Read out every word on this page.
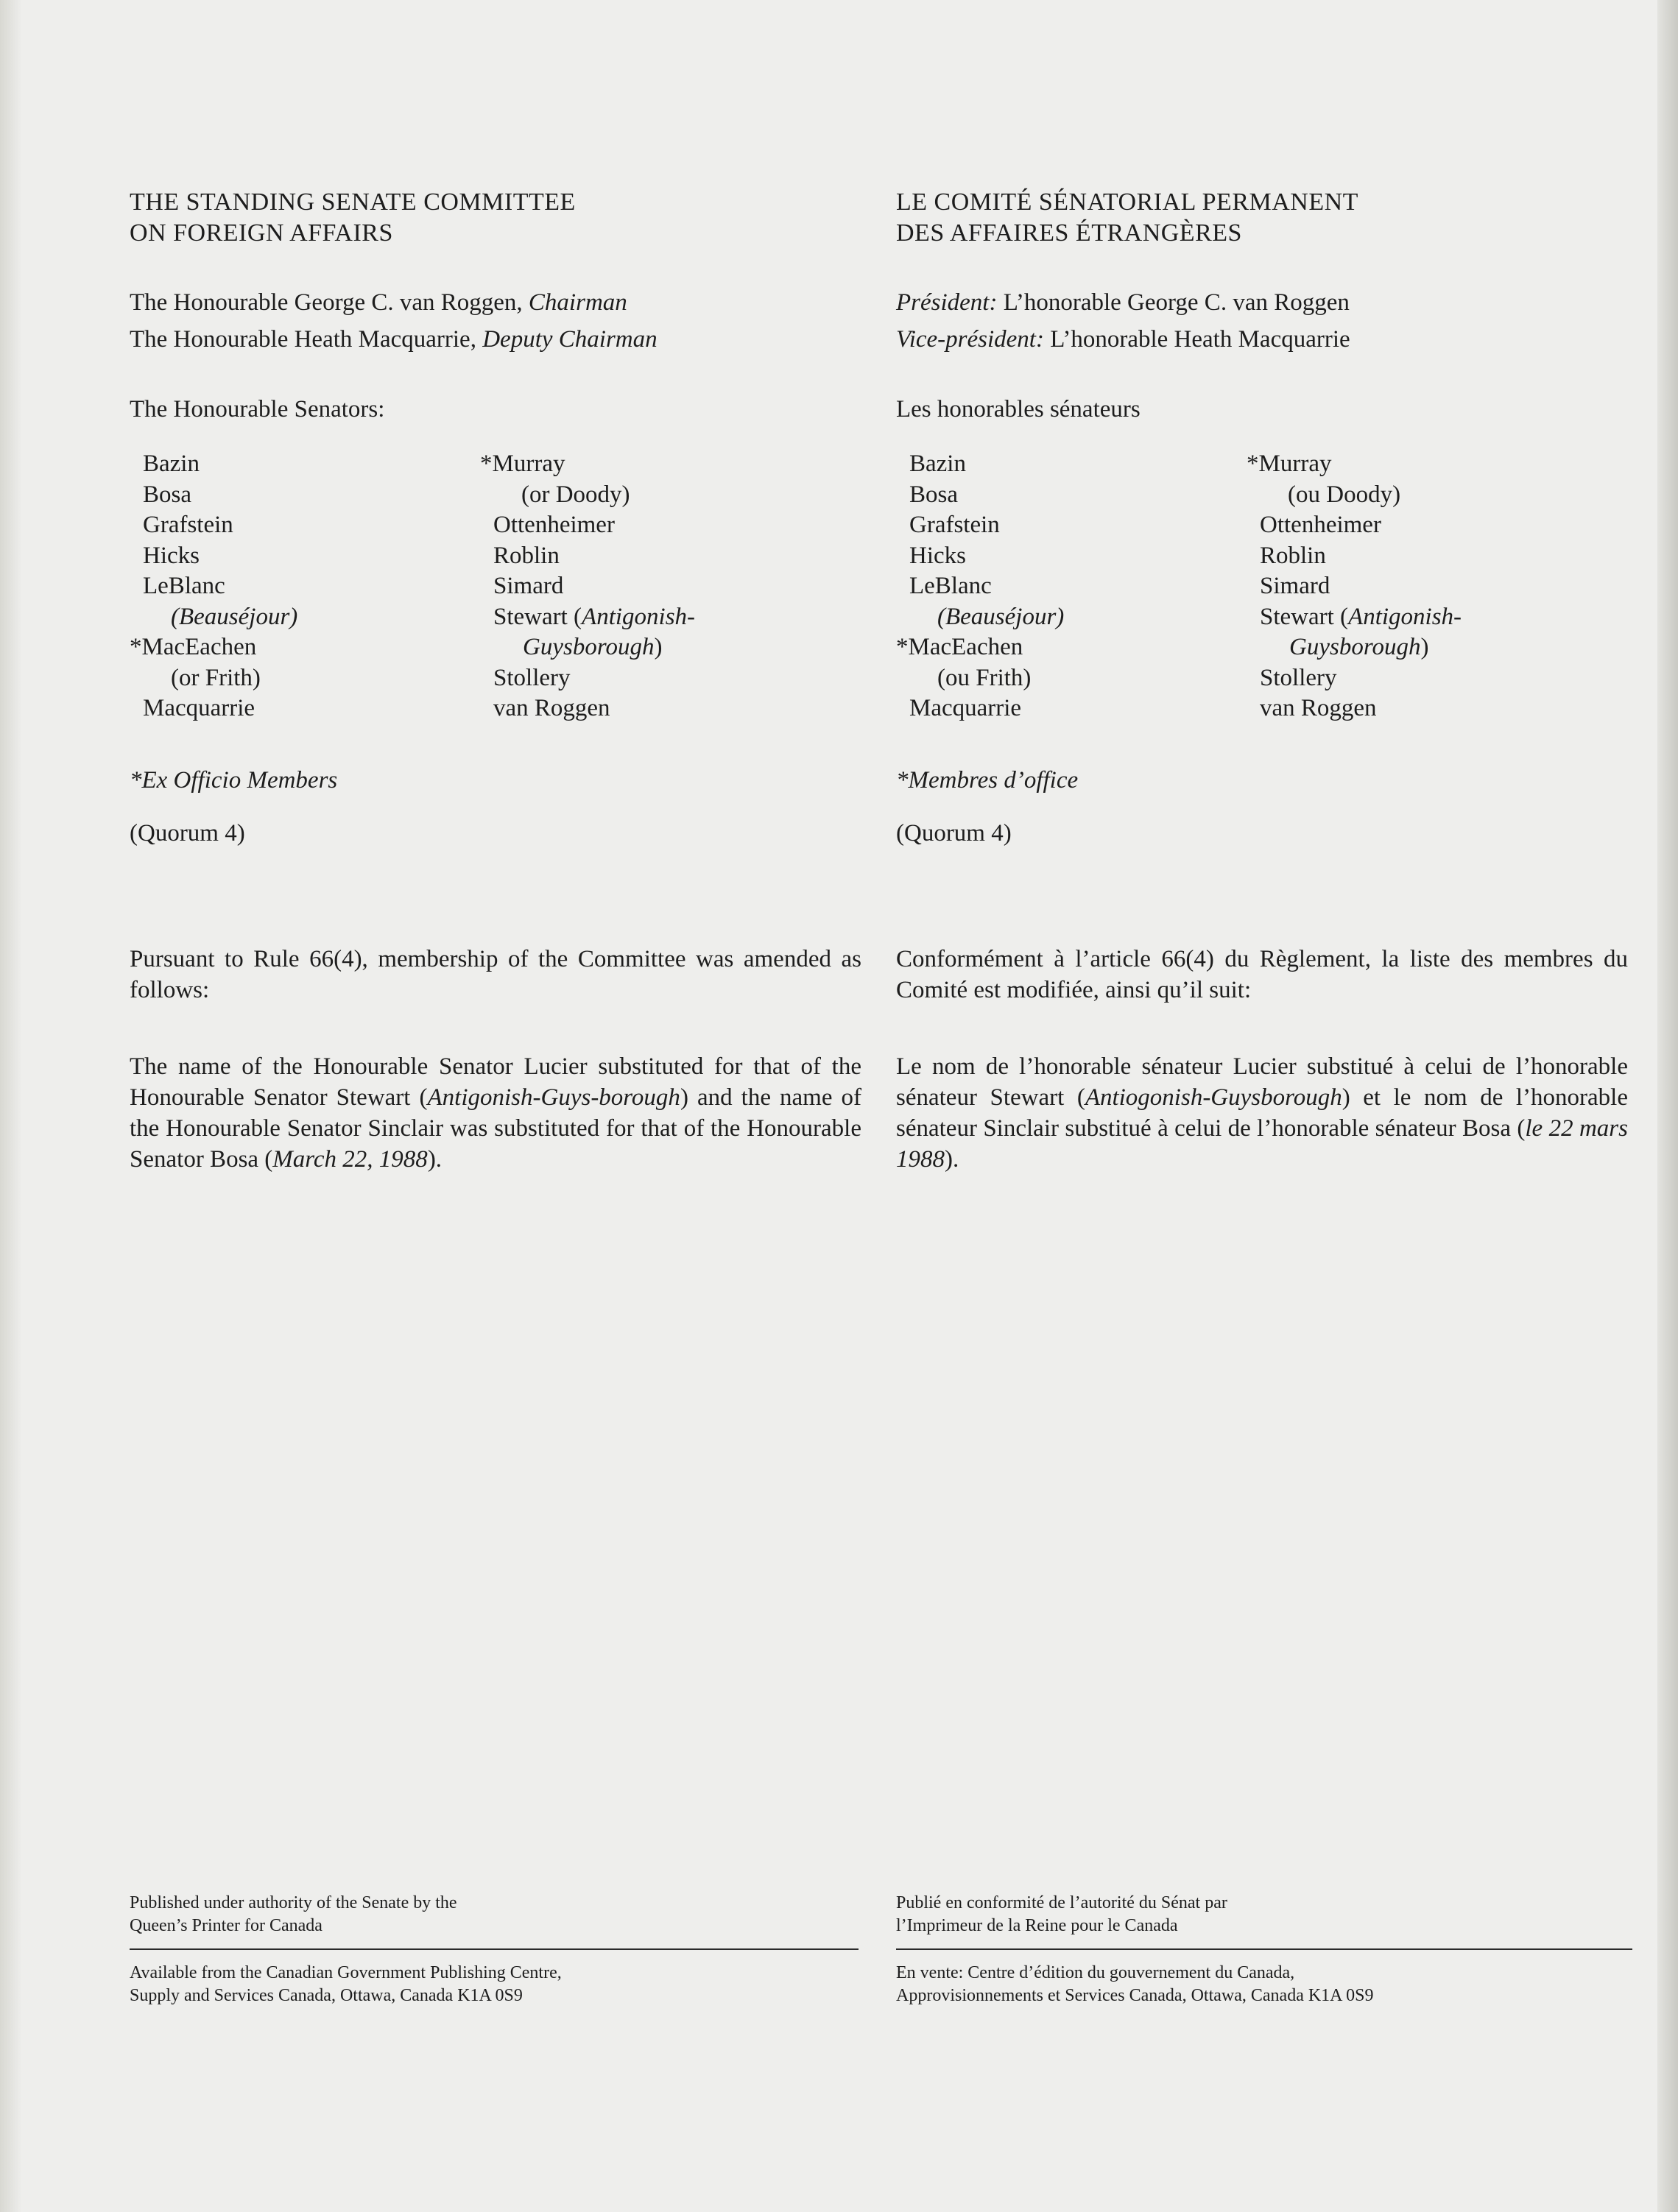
THE STANDING SENATE COMMITTEE
ON FOREIGN AFFAIRS
The Honourable George C. van Roggen, Chairman
The Honourable Heath Macquarrie, Deputy Chairman
The Honourable Senators:
Bazin
Bosa
Grafstein
Hicks
LeBlanc
(Beauséjour)
*MacEachen
(or Frith)
Macquarrie
*Murray
(or Doody)
Ottenheimer
Roblin
Simard
Stewart (Antigonish-
Guysborough)
Stollery
van Roggen
*Ex Officio Members
(Quorum 4)
Pursuant to Rule 66(4), membership of the Committee was amended as follows:
The name of the Honourable Senator Lucier substituted for that of the Honourable Senator Stewart (Antigonish-Guys-borough) and the name of the Honourable Senator Sinclair was substituted for that of the Honourable Senator Bosa (March 22, 1988).
Published under authority of the Senate by the
Queen’s Printer for Canada
Available from the Canadian Government Publishing Centre,
Supply and Services Canada, Ottawa, Canada K1A 0S9
LE COMITÉ SÉNATORIAL PERMANENT
DES AFFAIRES ÉTRANGÈRES
Président: L’honorable George C. van Roggen
Vice-président: L’honorable Heath Macquarrie
Les honorables sénateurs
Bazin
Bosa
Grafstein
Hicks
LeBlanc
(Beauséjour)
*MacEachen
(ou Frith)
Macquarrie
*Murray
(ou Doody)
Ottenheimer
Roblin
Simard
Stewart (Antigonish-
Guysborough)
Stollery
van Roggen
*Membres d’office
(Quorum 4)
Conformément à l’article 66(4) du Règlement, la liste des membres du Comité est modifiée, ainsi qu’il suit:
Le nom de l’honorable sénateur Lucier substitué à celui de l’honorable sénateur Stewart (Antiogonish-Guysborough) et le nom de l’honorable sénateur Sinclair substitué à celui de l’honorable sénateur Bosa (le 22 mars 1988).
Publié en conformité de l’autorité du Sénat par
l’Imprimeur de la Reine pour le Canada
En vente: Centre d’édition du gouvernement du Canada,
Approvisionnements et Services Canada, Ottawa, Canada K1A 0S9
